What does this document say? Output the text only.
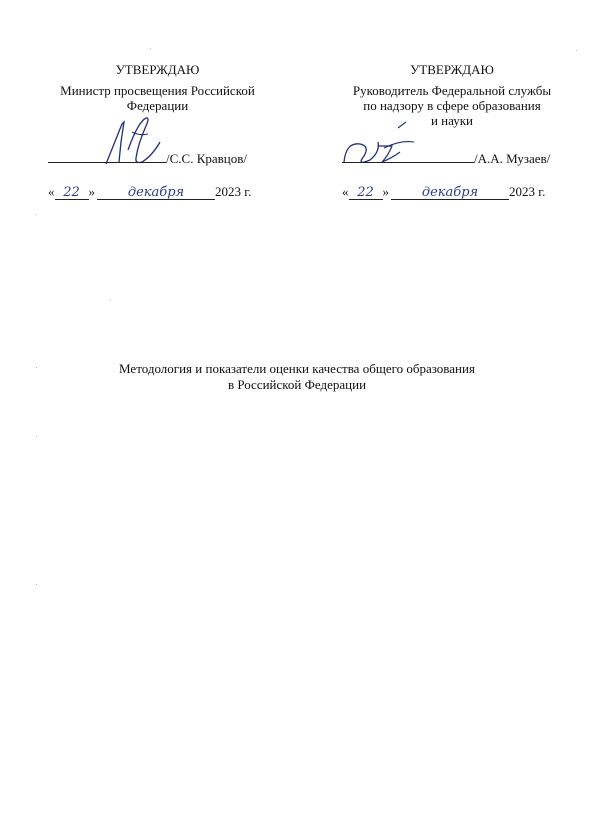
УТВЕРЖДАЮ
Министр просвещения Российской
Федерации
/С.С. Кравцов/
« 22 »	декабря 2023 г.
УТВЕРЖДАЮ
Руководитель Федеральной службы
по надзору в сфере образования
и науки
/А.А. Музаев/
« 22 »	декабря 2023 г.
Методология и показатели оценки качества общего образования
в Российской Федерации
